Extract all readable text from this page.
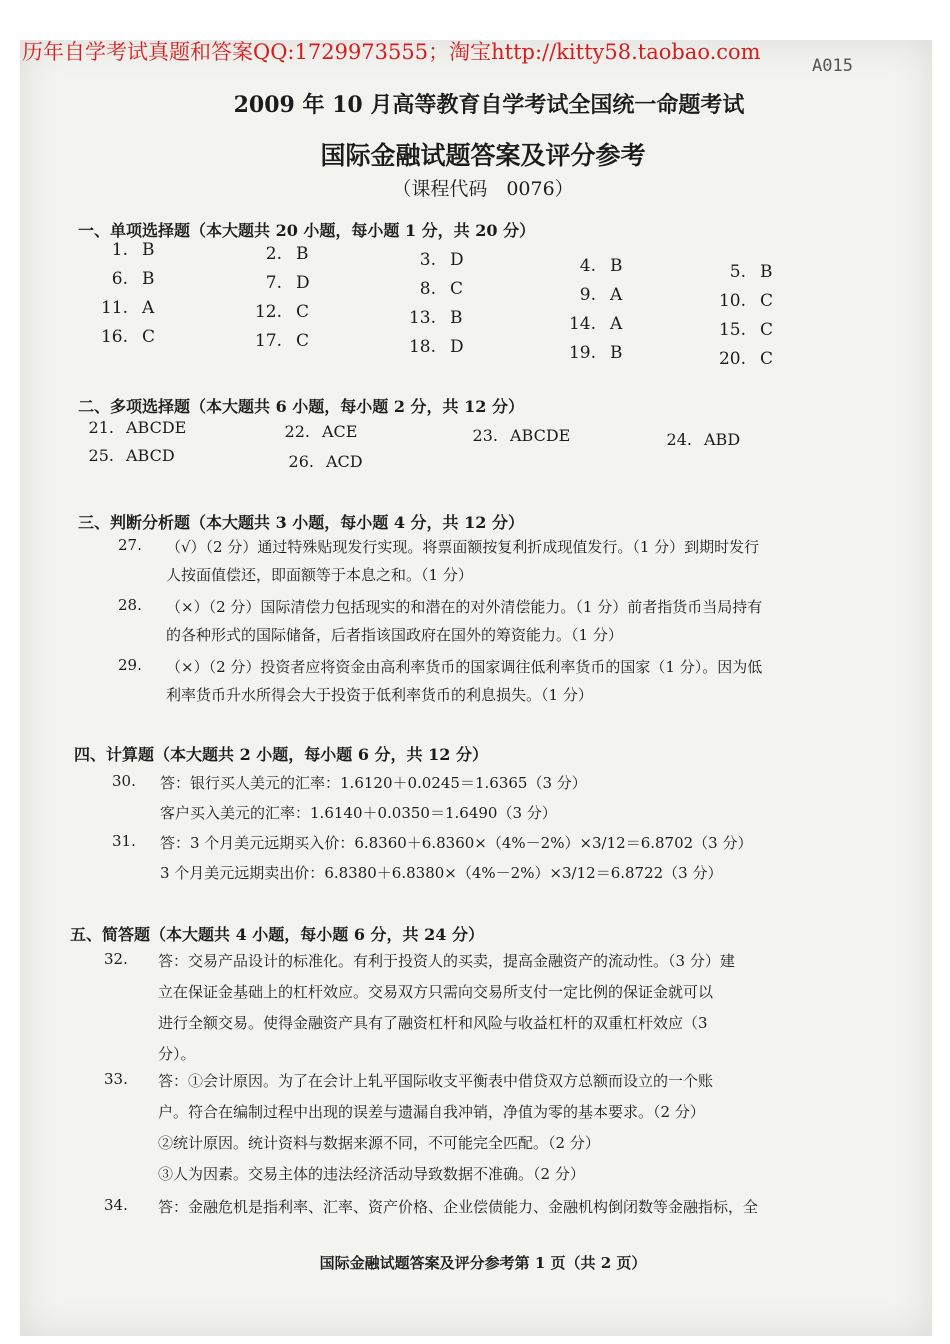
历年自学考试真题和答案QQ:1729973555；淘宝http://kitty58.taobao.com
A015
2009 年 10 月高等教育自学考试全国统一命题考试
国际金融试题答案及评分参考
（课程代码　0076）
一、单项选择题（本大题共 20 小题，每小题 1 分，共 20 分）
1. B	2. B	3. D	4. B	5. B
6. B	7. D	8. C	9. A	10. C
11. A	12. C	13. B	14. A	15. C
16. C	17. C	18. D	19. B	20. C
二、多项选择题（本大题共 6 小题，每小题 2 分，共 12 分）
21. ABCDE	22. ACE	23. ABCDE	24. ABD
25. ABCD	26. ACD
三、判断分析题（本大题共 3 小题，每小题 4 分，共 12 分）
27. （√）（2 分）通过特殊贴现发行实现。将票面额按复利折成现值发行。（1 分）到期时发行
人按面值偿还，即面额等于本息之和。（1 分）
28. （×）（2 分）国际清偿力包括现实的和潜在的对外清偿能力。（1 分）前者指货币当局持有
的各种形式的国际储备，后者指该国政府在国外的筹资能力。（1 分）
29. （×）（2 分）投资者应将资金由高利率货币的国家调往低利率货币的国家（1 分）。因为低
利率货币升水所得会大于投资于低利率货币的利息损失。（1 分）
四、计算题（本大题共 2 小题，每小题 6 分，共 12 分）
30. 答：银行买人美元的汇率：1.6120＋0.0245＝1.6365（3 分）
客户买入美元的汇率：1.6140＋0.0350＝1.6490（3 分）
31. 答：3 个月美元远期买入价：6.8360＋6.8360×（4%－2%）×3/12＝6.8702（3 分）
3 个月美元远期卖出价：6.8380＋6.8380×（4%－2%）×3/12＝6.8722（3 分）
五、简答题（本大题共 4 小题，每小题 6 分，共 24 分）
32. 答：交易产品设计的标准化。有利于投资人的买卖，提高金融资产的流动性。（3 分）建
立在保证金基础上的杠杆效应。交易双方只需向交易所支付一定比例的保证金就可以
进行全额交易。使得金融资产具有了融资杠杆和风险与收益杠杆的双重杠杆效应（3
分）。
33. 答：①会计原因。为了在会计上轧平国际收支平衡表中借贷双方总额而设立的一个账
户。符合在编制过程中出现的误差与遗漏自我冲销，净值为零的基本要求。（2 分）
②统计原因。统计资料与数据来源不同，不可能完全匹配。（2 分）
③人为因素。交易主体的违法经济活动导致数据不准确。（2 分）
34. 答：金融危机是指利率、汇率、资产价格、企业偿债能力、金融机构倒闭数等金融指标，全
国际金融试题答案及评分参考第 1 页（共 2 页）
